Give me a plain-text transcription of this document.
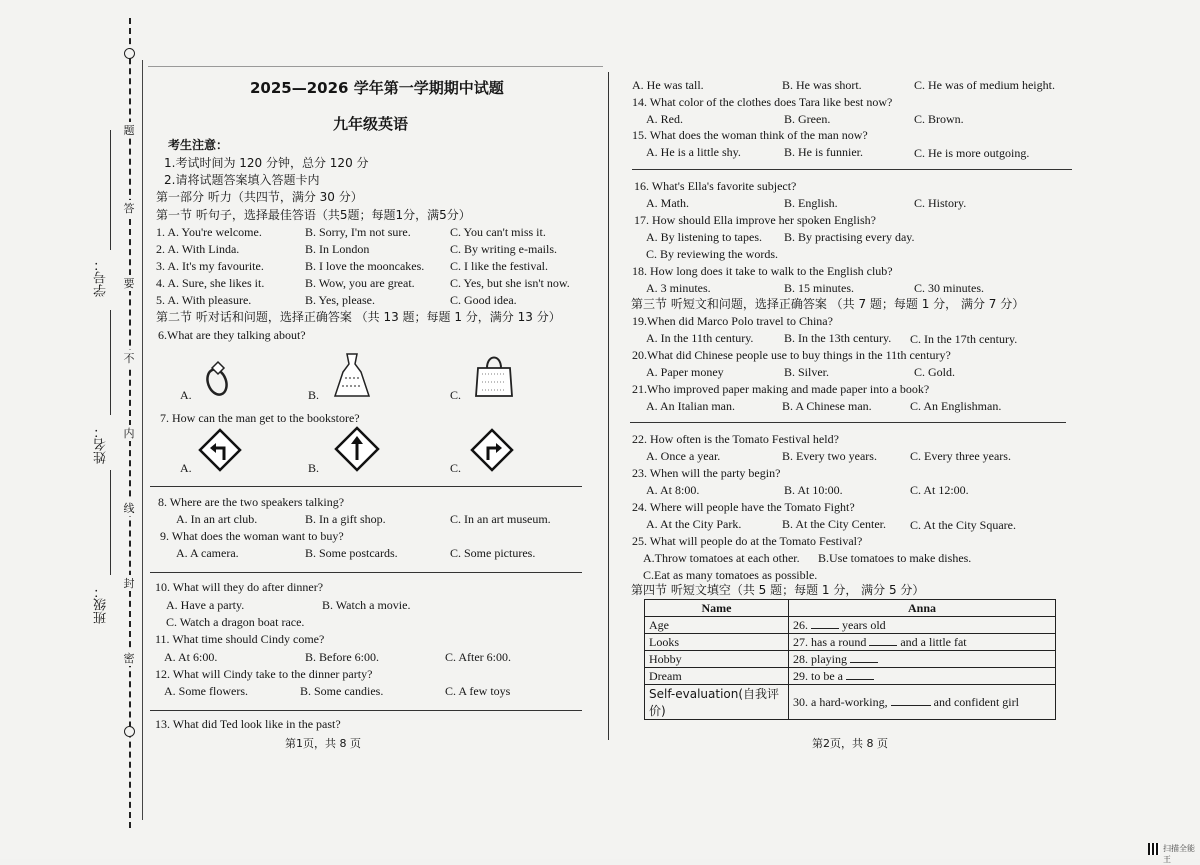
题
答
要
不
内
线
封
密
学号：
姓名：
班级：
2025—2026 学年第一学期期中试题
九年级英语
考生注意：
1.考试时间为 120 分钟，总分 120 分
2.请将试题答案填入答题卡内
第一部分 听力（共四节，满分 30 分）
第一节 听句子，选择最佳答语（共5题；每题1分，满5分）
1. A. You're welcome.	B. Sorry, I'm not sure.	C. You can't miss it.
2. A. With Linda.	B. In London	C. By writing e-mails.
3. A. It's my favourite.	B. I love the mooncakes. C. I like the festival.
4. A. Sure, she likes it.	B. Wow, you are great.	C. Yes, but she isn't now.
5. A. With pleasure.	B. Yes, please.	C. Good idea.
第二节 听对话和问题，选择正确答案 （共 13 题；每题 1 分，满分 13 分）
6.What are they talking about?
A.	B.	C.
7. How can the man get to the bookstore?
A.	B.	C.
8. Where are the two speakers talking?
A. In an art club.	B. In a gift shop.	C. In an art museum.
9. What does the woman want to buy?
A. A camera.	B. Some postcards.	C. Some pictures.
10. What will they do after dinner?
A. Have a party.	B. Watch a movie.
C. Watch a dragon boat race.
11. What time should Cindy come?
A. At 6:00.	B. Before 6:00.	C. After 6:00.
12. What will Cindy take to the dinner party?
A. Some flowers.	B. Some candies.	C. A few toys
13. What did Ted look like in the past?
第1页，共 8 页
A. He was tall.	B. He was short.	C. He was of medium height.
14. What color of the clothes does Tara like best now?
A. Red.	B. Green.	C. Brown.
15. What does the woman think of the man now?
A. He is a little shy.	B. He is funnier.	C. He is more outgoing.
16. What's Ella's favorite subject?
A. Math.	B. English.	C. History.
17. How should Ella improve her spoken English?
A. By listening to tapes. B. By practising every day.
C. By reviewing the words.
18. How long does it take to walk to the English club?
A. 3 minutes.	B. 15 minutes.	C. 30 minutes.
第三节 听短文和问题，选择正确答案 （共 7 题；每题 1 分， 满分 7 分）
19.When did Marco Polo travel to China?
A. In the 11th century.	B. In the 13th century. C. In the 17th century.
20.What did Chinese people use to buy things in the 11th century?
A. Paper money	B. Silver.	C. Gold.
21.Who improved paper making and made paper into a book?
A. An Italian man.	B. A Chinese man.	C. An Englishman.
22. How often is the Tomato Festival held?
A. Once a year.	B. Every two years.	C. Every three years.
23. When will the party begin?
A. At 8:00.	B. At 10:00.	C. At 12:00.
24. Where will people have the Tomato Fight?
A. At the City Park.	B. At the City Center. C. At the City Square.
25. What will people do at the Tomato Festival?
A.Throw tomatoes at each other. B.Use tomatoes to make dishes.
C.Eat as many tomatoes as possible.
第四节 听短文填空（共 5 题；每题 1 分， 满分 5 分）
Name	Anna
Age	26.  years old
Looks	27. has a round  and a little fat
Hobby	28. playing
Dream	29. to be a
Self-evaluation(自我评价)	30. a hard-working, and confident girl
第2页，共 8 页
扫描全能王
